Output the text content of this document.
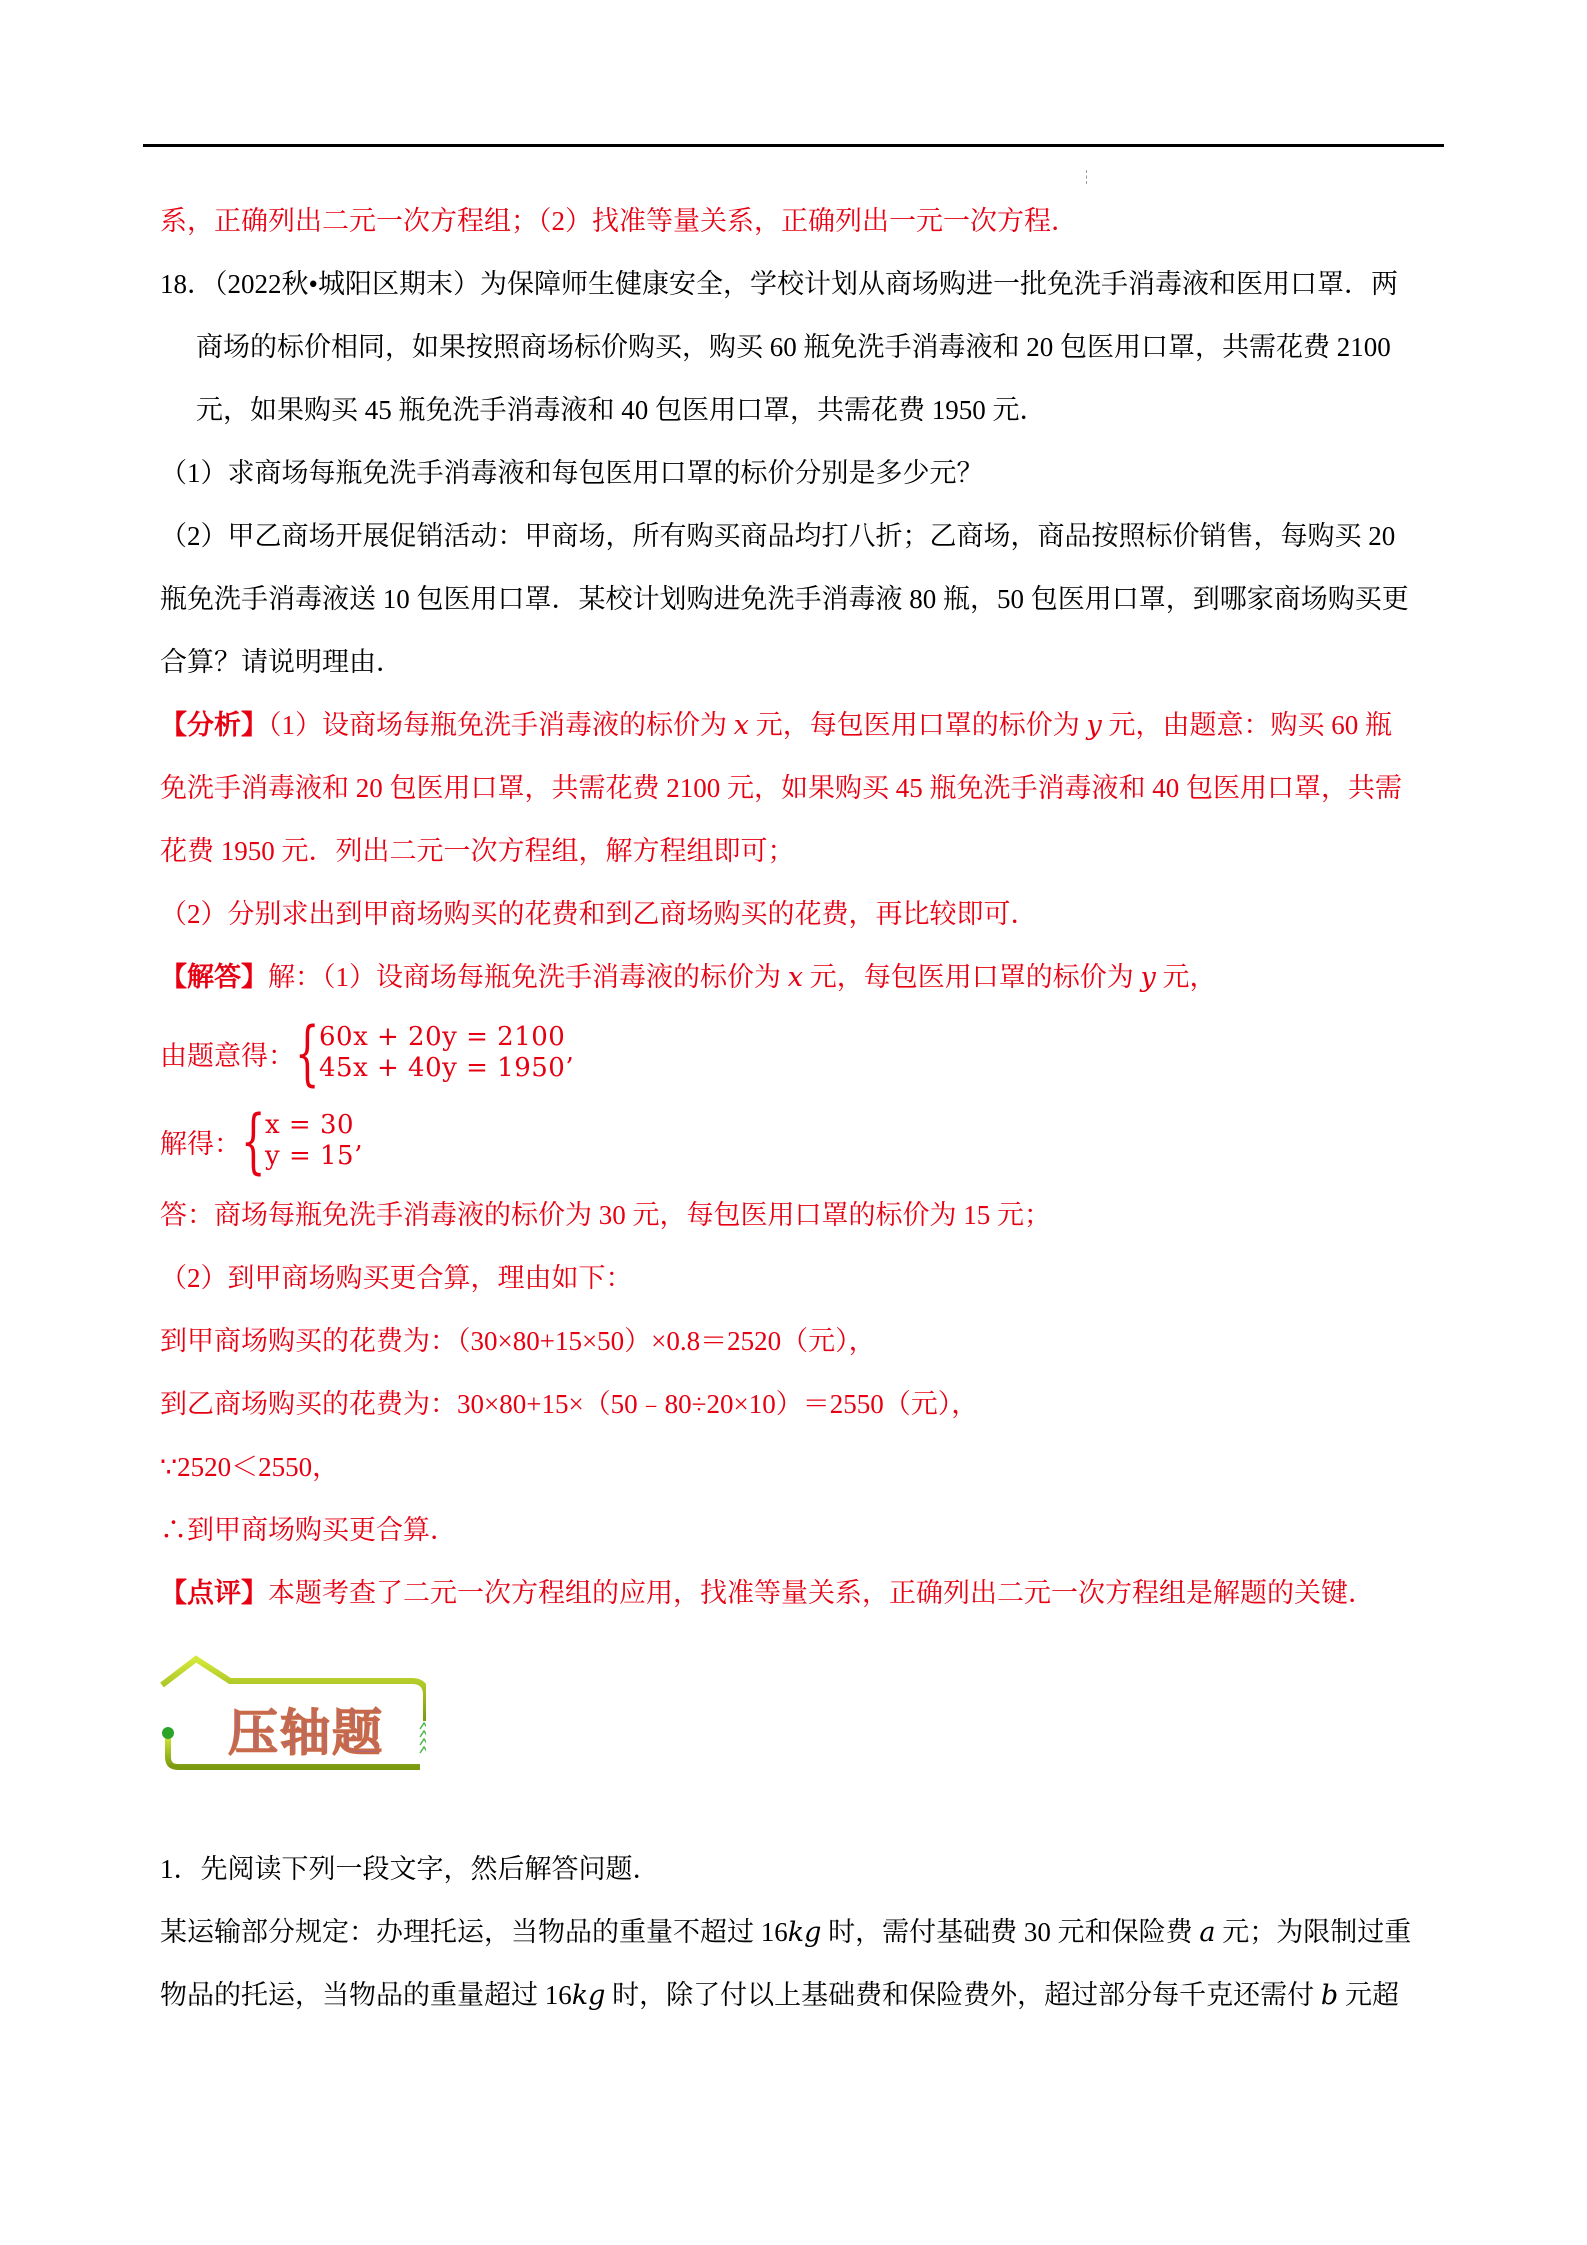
系，正确列出二元一次方程组；（2）找准等量关系，正确列出一元一次方程．
18．（2022秋•城阳区期末）为保障师生健康安全，学校计划从商场购进一批免洗手消毒液和医用口罩．两
商场的标价相同，如果按照商场标价购买，购买 60 瓶免洗手消毒液和 20 包医用口罩，共需花费 2100
元，如果购买 45 瓶免洗手消毒液和 40 包医用口罩，共需花费 1950 元．
（1）求商场每瓶免洗手消毒液和每包医用口罩的标价分别是多少元？
（2）甲乙商场开展促销活动：甲商场，所有购买商品均打八折；乙商场，商品按照标价销售，每购买 20
瓶免洗手消毒液送 10 包医用口罩．某校计划购进免洗手消毒液 80 瓶，50 包医用口罩，到哪家商场购买更
合算？请说明理由．
【分析】（1）设商场每瓶免洗手消毒液的标价为 x 元，每包医用口罩的标价为 y 元，由题意：购买 60 瓶
免洗手消毒液和 20 包医用口罩，共需花费 2100 元，如果购买 45 瓶免洗手消毒液和 40 包医用口罩，共需
花费 1950 元．列出二元一次方程组，解方程组即可；
（2）分别求出到甲商场购买的花费和到乙商场购买的花费，再比较即可．
【解答】解：（1）设商场每瓶免洗手消毒液的标价为 x 元，每包医用口罩的标价为 y 元，
由题意得： { 60x + 20y = 2100
45x + 40y = 1950’
解得： { x = 30
y = 15’
答：商场每瓶免洗手消毒液的标价为 30 元，每包医用口罩的标价为 15 元；
（2）到甲商场购买更合算，理由如下：
到甲商场购买的花费为：（30×80+15×50）×0.8＝2520（元），
到乙商场购买的花费为：30×80+15×（50﹣80÷20×10）＝2550（元），
∵2520＜2550，
∴到甲商场购买更合算．
【点评】本题考查了二元一次方程组的应用，找准等量关系，正确列出二元一次方程组是解题的关键．
压轴题
1．先阅读下列一段文字，然后解答问题．
某运输部分规定：办理托运，当物品的重量不超过 16kg 时，需付基础费 30 元和保险费 a 元；为限制过重
物品的托运，当物品的重量超过 16kg 时，除了付以上基础费和保险费外，超过部分每千克还需付 b 元超
